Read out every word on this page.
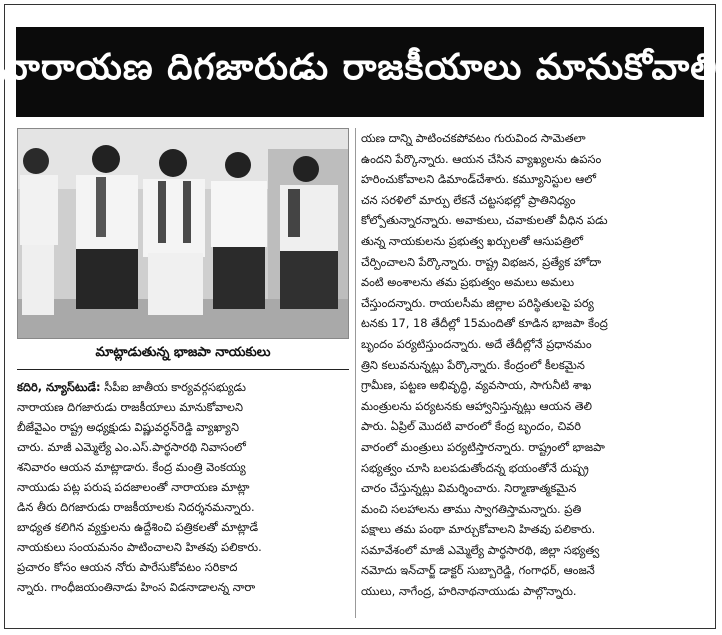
నారాయణ దిగజారుడు రాజకీయాలు మానుకోవాలి
మాట్లాడుతున్న భాజపా నాయకులు
కదిరి, న్యూస్‌టుడే: సీపీఐ జాతీయ కార్యవర్గసభ్యుడు
నారాయణ దిగజారుడు రాజకీయాలు మానుకోవాలని
బీజేవైఎం రాష్ట్ర అధ్యక్షుడు విష్ణువర్ధన్‌రెడ్డి వ్యాఖ్యాని
చారు. మాజీ ఎమ్మెల్యే ఎం.ఎస్‌.పార్థసారథి నివాసంలో
శనివారం ఆయన మాట్లాడారు. కేంద్ర మంత్రి వెంకయ్య
నాయుడు పట్ల పరుష పదజాలంతో నారాయణ మాట్లా
డిన తీరు దిగజారుడు రాజకీయాలకు నిదర్శనమన్నారు.
బాధ్యత కలిగిన వ్యక్తులను ఉద్దేశించి పత్రికలతో మాట్లాడే
నాయకులు సంయమనం పాటించాలని హితవు పలికారు.
ప్రచారం కోసం ఆయన నోరు పారేసుకోవటం సరికాద
న్నారు. గాంధీజయంతినాడు హింస విడనాడాలన్న నారా
యణ దాన్ని పాటించకపోవటం గురువింద సామెతలా
ఉందని పేర్కొన్నారు. ఆయన చేసిన వ్యాఖ్యలను ఉపసం
హరించుకోవాలని డిమాండ్‌చేశారు. కమ్యూనిస్టుల ఆలో
చన సరళిలో మార్పు లేకనే చట్టసభల్లో ప్రాతినిధ్యం
కోల్పోతున్నారన్నారు. అవాకులు, చవాకులతో వీధిన పడు
తున్న నాయకులను ప్రభుత్వ ఖర్చులతో ఆసుపత్రిలో
చేర్పించాలని పేర్కొన్నారు. రాష్ట్ర విభజన, ప్రత్యేక హోదా
వంటి అంశాలను తమ ప్రభుత్వం అమలు అమలు
చేస్తుందన్నారు. రాయలసీమ జిల్లాల పరిస్థితులపై పర్య
టనకు 17, 18 తేదీల్లో 15మందితో కూడిన భాజపా కేంద్ర
బృందం పర్యటిస్తుందన్నారు. అదే తేదీల్లోనే ప్రధానమం
త్రిని కలువనున్నట్లు పేర్కొన్నారు. కేంద్రంలో కీలకమైన
గ్రామీణ, పట్టణ అభివృద్ధి, వ్యవసాయ, సాగునీటి శాఖ
మంత్రులను పర్యటనకు ఆహ్వానిస్తున్నట్లు ఆయన తెలి
పారు. ఏప్రిల్‌ మొదటి వారంలో కేంద్ర బృందం, చివరి
వారంలో మంత్రులు పర్యటిస్తారన్నారు. రాష్ట్రంలో భాజపా
సభ్యత్వం చూసి బలపడుతోందన్న భయంతోనే దుష్ప్ర
చారం చేస్తున్నట్లు విమర్శించారు. నిర్మాణాత్మకమైన
మంచి సలహాలను తాము స్వాగతిస్తామన్నారు. ప్రతి
పక్షాలు తమ పంథా మార్చుకోవాలని హితవు పలికారు.
సమావేశంలో మాజీ ఎమ్మెల్యే పార్థసారథి, జిల్లా సభ్యత్వ
నమోదు ఇన్‌చార్జ్‌ డాక్టర్‌ సుబ్బారెడ్డి, గంగాధర్‌, ఆంజనే
యులు, నాగేంద్ర, హరినాథనాయుడు పాల్గొన్నారు.
